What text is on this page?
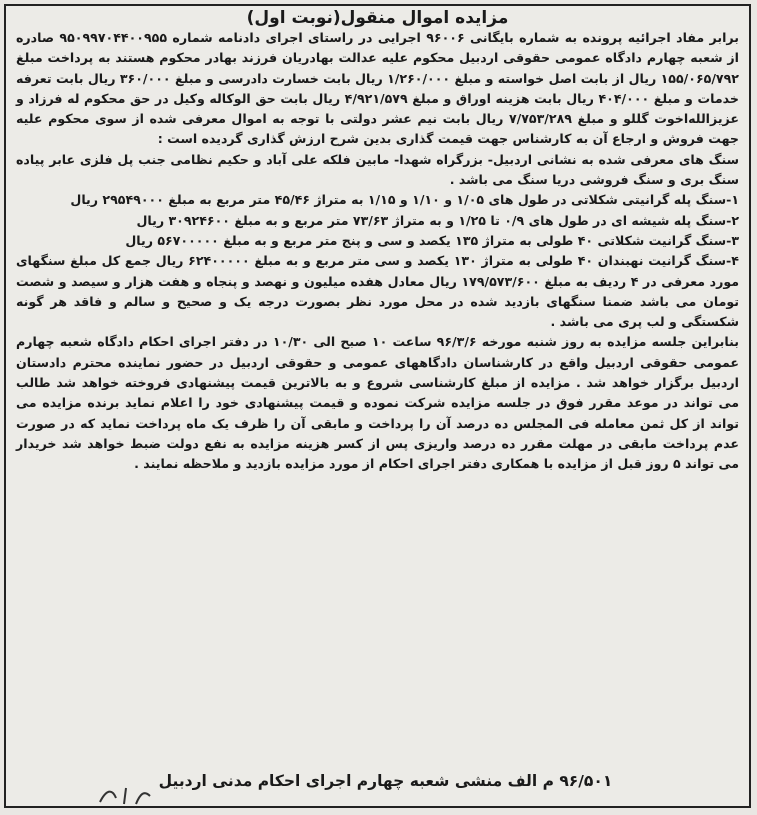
مزایده اموال منقول(نوبت اول)

برابر مفاد اجرائیه پرونده به شماره بایگانی ۹۶۰۰۶ اجرایی در راستای اجرای دادنامه شماره ۹۵۰۹۹۷۰۴۴۰۰۹۵۵ صادره از شعبه چهارم دادگاه عمومی حقوقی اردبیل محکوم علیه عدالت بهادریان فرزند بهادر محکوم هستند به پرداخت مبلغ ۱۵۵/۰۶۵/۷۹۲ ریال از بابت اصل خواسته و مبلغ ۱/۲۶۰/۰۰۰ ریال بابت خسارت دادرسی و مبلغ ۳۶۰/۰۰۰ ریال بابت تعرفه خدمات و مبلغ ۴۰۴/۰۰۰ ریال بابت هزینه اوراق و مبلغ ۴/۹۲۱/۵۷۹ ریال بابت حق الوکاله وکیل در حق محکوم له فرزاد و عزیزالله‌اخوت گللو و مبلغ ۷/۷۵۳/۲۸۹ ریال بابت نیم عشر دولتی با توجه به اموال معرفی شده از سوی محکوم علیه جهت فروش و ارجاع آن به کارشناس جهت قیمت گذاری بدین شرح ارزش گذاری گردیده است :

سنگ های معرفی شده به نشانی اردبیل- بزرگراه شهدا- مابین فلکه علی آباد و حکیم نظامی جنب پل فلزی عابر پیاده سنگ بری و سنگ فروشی دریا سنگ می باشد .

۱-سنگ پله گرانیتی شکلاتی در طول های ۱/۰۵ و ۱/۱۰ و ۱/۱۵ به متراژ ۴۵/۴۶ متر مربع به مبلغ ۲۹۵۴۹۰۰۰ ریال

۲-سنگ پله شیشه ای در طول های ۰/۹ تا ۱/۲۵ و به متراژ ۷۳/۶۳ متر مربع و به مبلغ ۳۰۹۲۴۶۰۰ ریال

۳-سنگ گرانیت شکلاتی ۴۰ طولی به متراژ ۱۳۵ یکصد و سی و پنج متر مربع و به مبلغ ۵۶۷۰۰۰۰۰ ریال

۴-سنگ گرانیت نهبندان ۴۰ طولی به متراژ ۱۳۰ یکصد و سی متر مربع و به مبلغ ۶۲۴۰۰۰۰۰ ریال جمع کل مبلغ سنگهای مورد معرفی در ۴ ردیف به مبلغ ۱۷۹/۵۷۳/۶۰۰ ریال معادل هفده میلیون و نهصد و پنجاه و هفت هزار و سیصد و شصت تومان می باشد ضمنا سنگهای بازدید شده در محل مورد نظر بصورت درجه یک و صحیح و سالم و فاقد هر گونه شکستگی و لب پری می باشد .

بنابراین جلسه مزایده به روز شنبه مورخه ۹۶/۳/۶ ساعت ۱۰ صبح الی ۱۰/۳۰ در دفتر اجرای احکام دادگاه شعبه چهارم عمومی حقوقی اردبیل واقع در کارشناسان دادگاههای عمومی و حقوقی اردبیل در حضور نماینده محترم دادستان اردبیل برگزار خواهد شد . مزایده از مبلغ کارشناسی شروع و به بالاترین قیمت پیشنهادی فروخته خواهد شد طالب می تواند در موعد مقرر فوق در جلسه مزایده شرکت نموده و قیمت پیشنهادی خود را اعلام نماید برنده مزایده می تواند از کل ثمن معامله فی المجلس ده درصد آن را پرداخت و مابقی آن را ظرف یک ماه پرداخت نماید که در صورت عدم پرداخت مابقی در مهلت مقرر ده درصد واریزی پس از کسر هزینه مزایده به نفع دولت ضبط خواهد شد خریدار می تواند ۵ روز قبل از مزایده با همکاری دفتر اجرای احکام از مورد مزایده بازدید و ملاحظه نمایند .

۹۶/۵۰۱ م الف منشی شعبه چهارم اجرای احکام مدنی اردبیل
